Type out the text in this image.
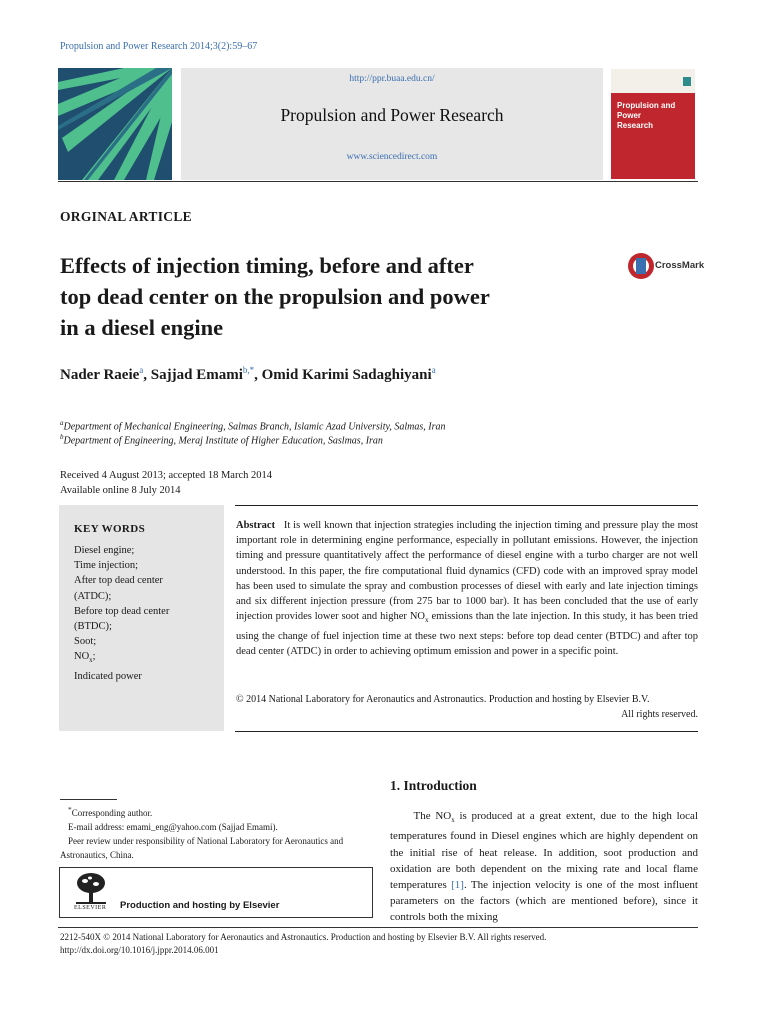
Propulsion and Power Research 2014;3(2):59–67
http://ppr.buaa.edu.cn/
Propulsion and Power Research
www.sciencedirect.com
Propulsion and
Power
Research
ORGINAL ARTICLE
Effects of injection timing, before and after
top dead center on the propulsion and power
in a diesel engine
CrossMark
Nader Raeie$^a$, Sajjad Emami$^{b,*}$, Omid Karimi Sadaghiyani$^a$
$^a$Department of Mechanical Engineering, Salmas Branch, Islamic Azad University, Salmas, Iran
$^b$Department of Engineering, Meraj Institute of Higher Education, Saslmas, Iran
Received 4 August 2013; accepted 18 March 2014
Available online 8 July 2014
KEY WORDS
Diesel engine;
Time injection;
After top dead center
(ATDC);
Before top dead center
(BTDC);
Soot;
$NO_x$;
Indicated power
Abstract It is well known that injection strategies including the injection timing and pressure play the most important role in determining engine performance, especially in pollutant emissions. However, the injection timing and pressure quantitatively affect the performance of diesel engine with a turbo charger are not well understood. In this paper, the fire computational fluid dynamics (CFD) code with an improved spray model has been used to simulate the spray and combustion processes of diesel with early and late injection timings and six different injection pressure (from 275 bar to 1000 bar). It has been concluded that the use of early injection provides lower soot and higher $NO_x$ emissions than the late injection. In this study, it has been tried using the change of fuel injection time at these two next steps: before top dead center (BTDC) and after top dead center (ATDC) in order to achieving optimum emission and power in a specific point.
© 2014 National Laboratory for Aeronautics and Astronautics. Production and hosting by Elsevier B.V.
All rights reserved.
1. Introduction
The $NO_x$ is produced at a great extent, due to the high local temperatures found in Diesel engines which are highly dependent on the initial rise of heat release. In addition, soot production and oxidation are both dependent on the mixing rate and local flame temperatures [1]. The injection velocity is one of the most influent parameters on the factors (which are mentioned before), since it controls both the mixing
*Corresponding author.
E-mail address: emami_eng@yahoo.com (Sajjad Emami).
Peer review under responsibility of National Laboratory for Aeronautics and Astronautics, China.
ELSEVIER Production and hosting by Elsevier
2212-540X © 2014 National Laboratory for Aeronautics and Astronautics. Production and hosting by Elsevier B.V. All rights reserved.
http://dx.doi.org/10.1016/j.jppr.2014.06.001
